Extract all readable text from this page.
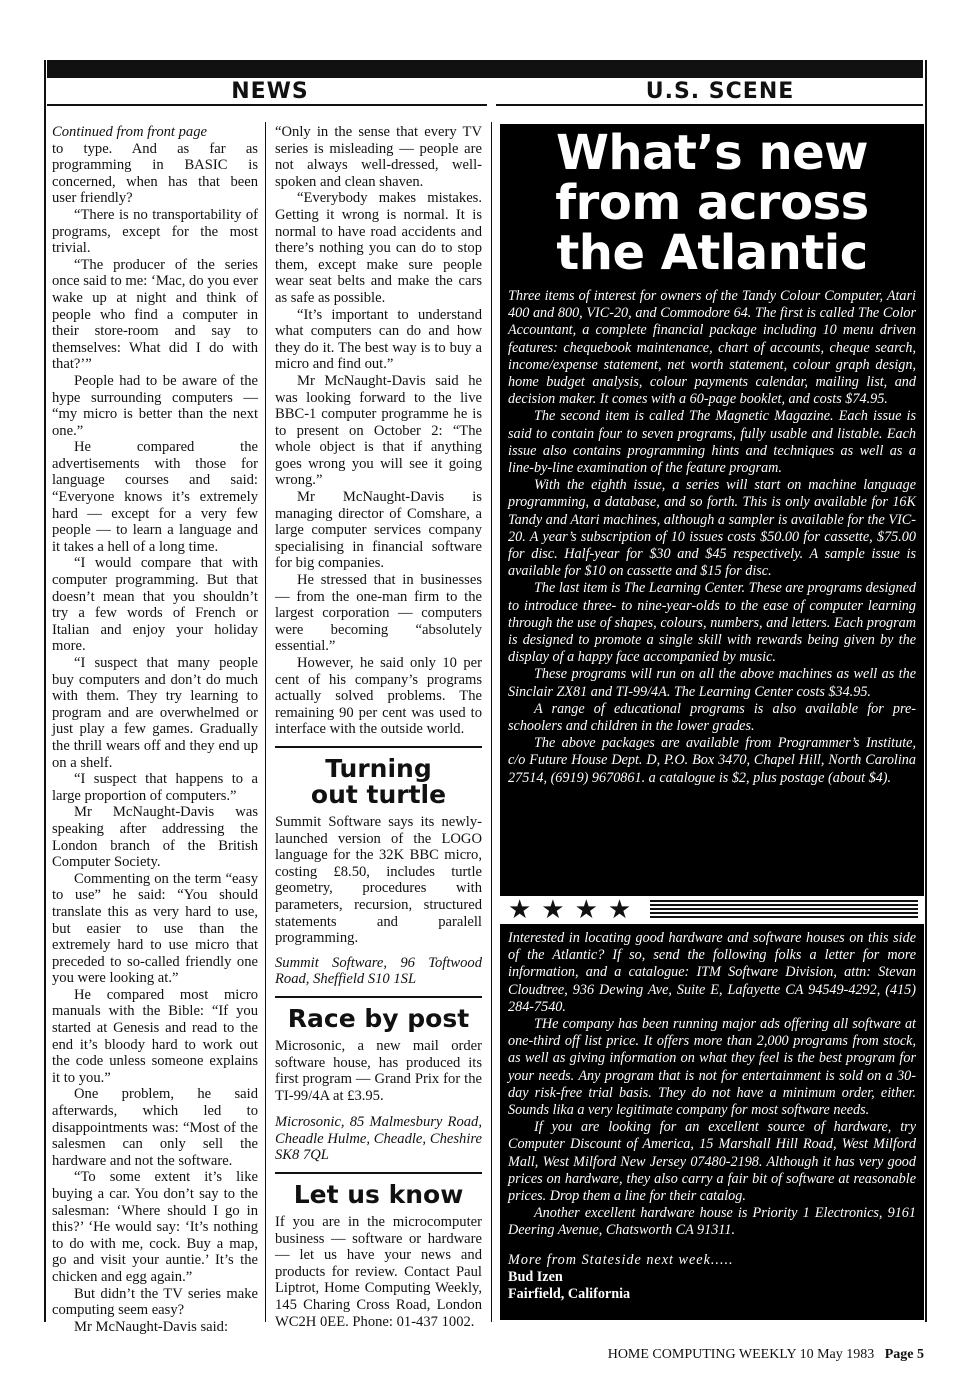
NEWS	U.S. SCENE

Continued from front page

to type. And as far as programming in BASIC is concerned, when has that been user friendly?

“There is no transportability of programs, except for the most trivial.

“The producer of the series once said to me: ‘Mac, do you ever wake up at night and think of people who find a computer in their store-room and say to themselves: What did I do with that?’”

People had to be aware of the hype surrounding computers — “my micro is better than the next one.”

He compared the advertisements with those for language courses and said: “Everyone knows it’s extremely hard — except for a very few people — to learn a language and it takes a hell of a long time.

“I would compare that with computer programming. But that doesn’t mean that you shouldn’t try a few words of French or Italian and enjoy your holiday more.

“I suspect that many people buy computers and don’t do much with them. They try learning to program and are overwhelmed or just play a few games. Gradually the thrill wears off and they end up on a shelf.

“I suspect that happens to a large proportion of computers.”

Mr McNaught-Davis was speaking after addressing the London branch of the British Computer Society.

Commenting on the term “easy to use” he said: “You should translate this as very hard to use, but easier to use than the extremely hard to use micro that preceded to so-called friendly one you were looking at.”

He compared most micro manuals with the Bible: “If you started at Genesis and read to the end it’s bloody hard to work out the code unless someone explains it to you.”

One problem, he said afterwards, which led to disappointments was: “Most of the salesmen can only sell the hardware and not the software.

“To some extent it’s like buying a car. You don’t say to the salesman: ‘Where should I go in this?’ ‘He would say: ‘It’s nothing to do with me, cock. Buy a map, go and visit your auntie.’ It’s the chicken and egg again.”

But didn’t the TV series make computing seem easy?

Mr McNaught-Davis said:

“Only in the sense that every TV series is misleading — people are not always well-dressed, well-spoken and clean shaven.

“Everybody makes mistakes. Getting it wrong is normal. It is normal to have road accidents and there’s nothing you can do to stop them, except make sure people wear seat belts and make the cars as safe as possible.

“It’s important to understand what computers can do and how they do it. The best way is to buy a micro and find out.”

Mr McNaught-Davis said he was looking forward to the live BBC-1 computer programme he is to present on October 2: “The whole object is that if anything goes wrong you will see it going wrong.”

Mr McNaught-Davis is managing director of Comshare, a large computer services company specialising in financial software for big companies.

He stressed that in businesses — from the one-man firm to the largest corporation — computers were becoming “absolutely essential.”

However, he said only 10 per cent of his company’s programs actually solved problems. The remaining 90 per cent was used to interface with the outside world.

Turning
out turtle

Summit Software says its newly-launched version of the LOGO language for the 32K BBC micro, costing £8.50, includes turtle geometry, procedures with parameters, recursion, structured statements and paralell programming.

Summit Software, 96 Toftwood Road, Sheffield S10 1SL

Race by post

Microsonic, a new mail order software house, has produced its first program — Grand Prix for the TI-99/4A at £3.95.

Microsonic, 85 Malmesbury Road, Cheadle Hulme, Cheadle, Cheshire SK8 7QL

Let us know

If you are in the microcomputer business — software or hardware — let us have your news and products for review. Contact Paul Liptrot, Home Computing Weekly, 145 Charing Cross Road, London WC2H 0EE. Phone: 01-437 1002.

What’s new
from across
the Atlantic

Three items of interest for owners of the Tandy Colour Computer, Atari 400 and 800, VIC-20, and Commodore 64. The first is called The Color Accountant, a complete financial package including 10 menu driven features: chequebook maintenance, chart of accounts, cheque search, income/expense statement, net worth statement, colour graph design, home budget analysis, colour payments calendar, mailing list, and decision maker. It comes with a 60-page booklet, and costs $74.95.

The second item is called The Magnetic Magazine. Each issue is said to contain four to seven programs, fully usable and listable. Each issue also contains programming hints and techniques as well as a line-by-line examination of the feature program.

With the eighth issue, a series will start on machine language programming, a database, and so forth. This is only available for 16K Tandy and Atari machines, although a sampler is available for the VIC-20. A year’s subscription of 10 issues costs $50.00 for cassette, $75.00 for disc. Half-year for $30 and $45 respectively. A sample issue is available for $10 on cassette and $15 for disc.

The last item is The Learning Center. These are programs designed to introduce three- to nine-year-olds to the ease of computer learning through the use of shapes, colours, numbers, and letters. Each program is designed to promote a single skill with rewards being given by the display of a happy face accompanied by music.

These programs will run on all the above machines as well as the Sinclair ZX81 and TI-99/4A. The Learning Center costs $34.95.

A range of educational programs is also available for pre-schoolers and children in the lower grades.

The above packages are available from Programmer’s Institute, c/o Future House Dept. D, P.O. Box 3470, Chapel Hill, North Carolina 27514, (6919) 9670861. a catalogue is $2, plus postage (about $4).

Interested in locating good hardware and software houses on this side of the Atlantic? If so, send the following folks a letter for more information, and a catalogue: ITM Software Division, attn: Stevan Cloudtree, 936 Dewing Ave, Suite E, Lafayette CA 94549-4292, (415) 284-7540.

THe company has been running major ads offering all software at one-third off list price. It offers more than 2,000 programs from stock, as well as giving information on what they feel is the best program for your needs. Any program that is not for entertainment is sold on a 30-day risk-free trial basis. They do not have a minimum order, either. Sounds lika a very legitimate company for most software needs.

If you are looking for an excellent source of hardware, try Computer Discount of America, 15 Marshall Hill Road, West Milford Mall, West Milford New Jersey 07480-2198. Although it has very good prices on hardware, they also carry a fair bit of software at reasonable prices. Drop them a line for their catalog.

Another excellent hardware house is Priority 1 Electronics, 9161 Deering Avenue, Chatsworth CA 91311.

More from Stateside next week.....

Bud Izen

Fairfield, California

★★★★
HOME COMPUTING WEEKLY 10 May 1983 Page 5
